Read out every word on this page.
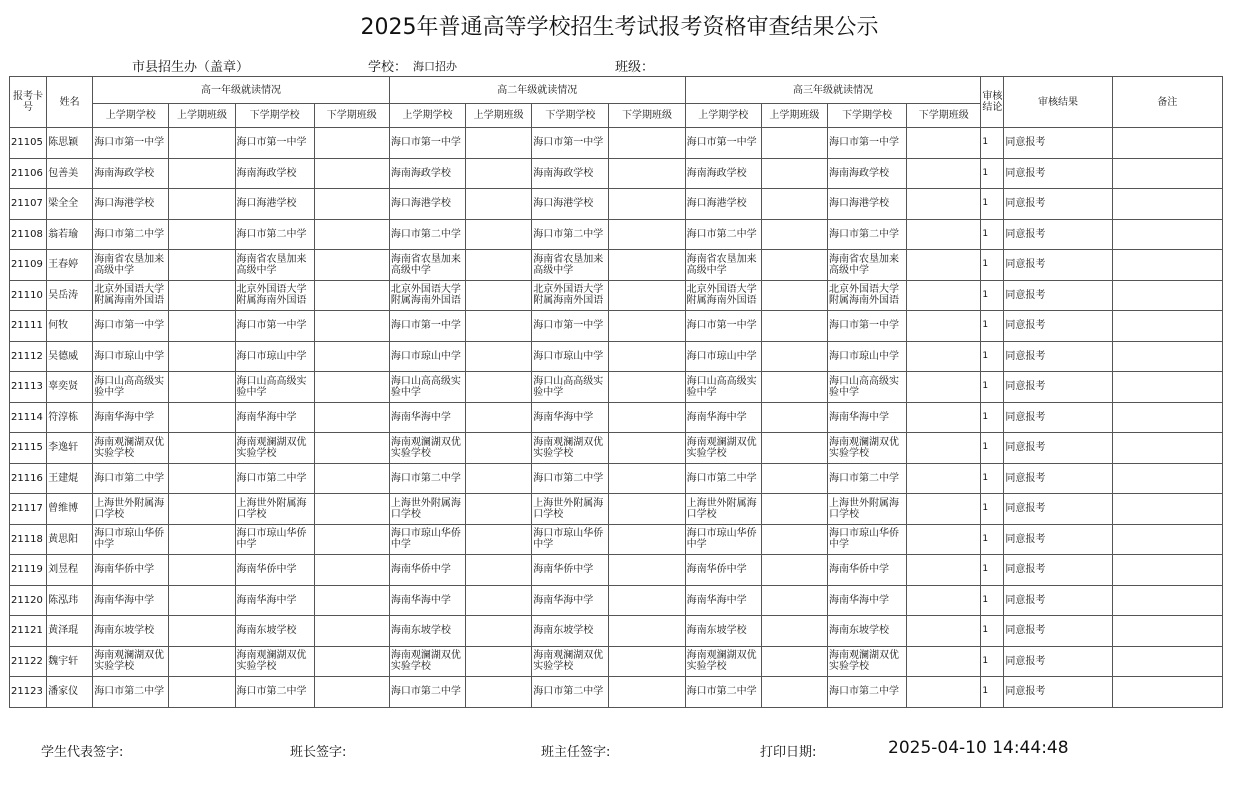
2025年普通高等学校招生考试报考资格审查结果公示
市县招生办（盖章）	学校： 海口招办	班级：
报考卡号	姓名	高一年级就读情况				高二年级就读情况				高三年级就读情况				审核结论	审核结果	备注
		上学期学校	上学期班级	下学期学校	下学期班级	上学期学校	上学期班级	下学期学校	下学期班级	上学期学校	上学期班级	下学期学校	下学期班级			
21105	陈思颖	海口市第一中学		海口市第一中学		海口市第一中学		海口市第一中学		海口市第一中学		海口市第一中学		1	同意报考	
21106	包善美	海南海政学校		海南海政学校		海南海政学校		海南海政学校		海南海政学校		海南海政学校		1	同意报考	
21107	梁全全	海口海港学校		海口海港学校		海口海港学校		海口海港学校		海口海港学校		海口海港学校		1	同意报考	
21108	翁若瑜	海口市第二中学		海口市第二中学		海口市第二中学		海口市第二中学		海口市第二中学		海口市第二中学		1	同意报考	
21109	王春婷	海南省农垦加来高级中学		海南省农垦加来高级中学		海南省农垦加来高级中学		海南省农垦加来高级中学		海南省农垦加来高级中学		海南省农垦加来高级中学		1	同意报考	
21110	吴岳涛	北京外国语大学附属海南外国语		北京外国语大学附属海南外国语		北京外国语大学附属海南外国语		北京外国语大学附属海南外国语		北京外国语大学附属海南外国语		北京外国语大学附属海南外国语		1	同意报考	
21111	何牧	海口市第一中学		海口市第一中学		海口市第一中学		海口市第一中学		海口市第一中学		海口市第一中学		1	同意报考	
21112	吴德威	海口市琼山中学		海口市琼山中学		海口市琼山中学		海口市琼山中学		海口市琼山中学		海口市琼山中学		1	同意报考	
21113	辜奕贤	海口山高高级实验中学		海口山高高级实验中学		海口山高高级实验中学		海口山高高级实验中学		海口山高高级实验中学		海口山高高级实验中学		1	同意报考	
21114	符淳栋	海南华海中学		海南华海中学		海南华海中学		海南华海中学		海南华海中学		海南华海中学		1	同意报考	
21115	李逸轩	海南观澜湖双优实验学校		海南观澜湖双优实验学校		海南观澜湖双优实验学校		海南观澜湖双优实验学校		海南观澜湖双优实验学校		海南观澜湖双优实验学校		1	同意报考	
21116	王建焜	海口市第二中学		海口市第二中学		海口市第二中学		海口市第二中学		海口市第二中学		海口市第二中学		1	同意报考	
21117	曾维博	上海世外附属海口学校		上海世外附属海口学校		上海世外附属海口学校		上海世外附属海口学校		上海世外附属海口学校		上海世外附属海口学校		1	同意报考	
21118	黄思阳	海口市琼山华侨中学		海口市琼山华侨中学		海口市琼山华侨中学		海口市琼山华侨中学		海口市琼山华侨中学		海口市琼山华侨中学		1	同意报考	
21119	刘昱程	海南华侨中学		海南华侨中学		海南华侨中学		海南华侨中学		海南华侨中学		海南华侨中学		1	同意报考	
21120	陈泓玮	海南华海中学		海南华海中学		海南华海中学		海南华海中学		海南华海中学		海南华海中学		1	同意报考	
21121	黄泽琨	海南东坡学校		海南东坡学校		海南东坡学校		海南东坡学校		海南东坡学校		海南东坡学校		1	同意报考	
21122	魏宇轩	海南观澜湖双优实验学校		海南观澜湖双优实验学校		海南观澜湖双优实验学校		海南观澜湖双优实验学校		海南观澜湖双优实验学校		海南观澜湖双优实验学校		1	同意报考	
21123	潘家仪	海口市第二中学		海口市第二中学		海口市第二中学		海口市第二中学		海口市第二中学		海口市第二中学		1	同意报考	
学生代表签字:	班长签字:	班主任签字:	打印日期:	2025-04-10 14:44:48
